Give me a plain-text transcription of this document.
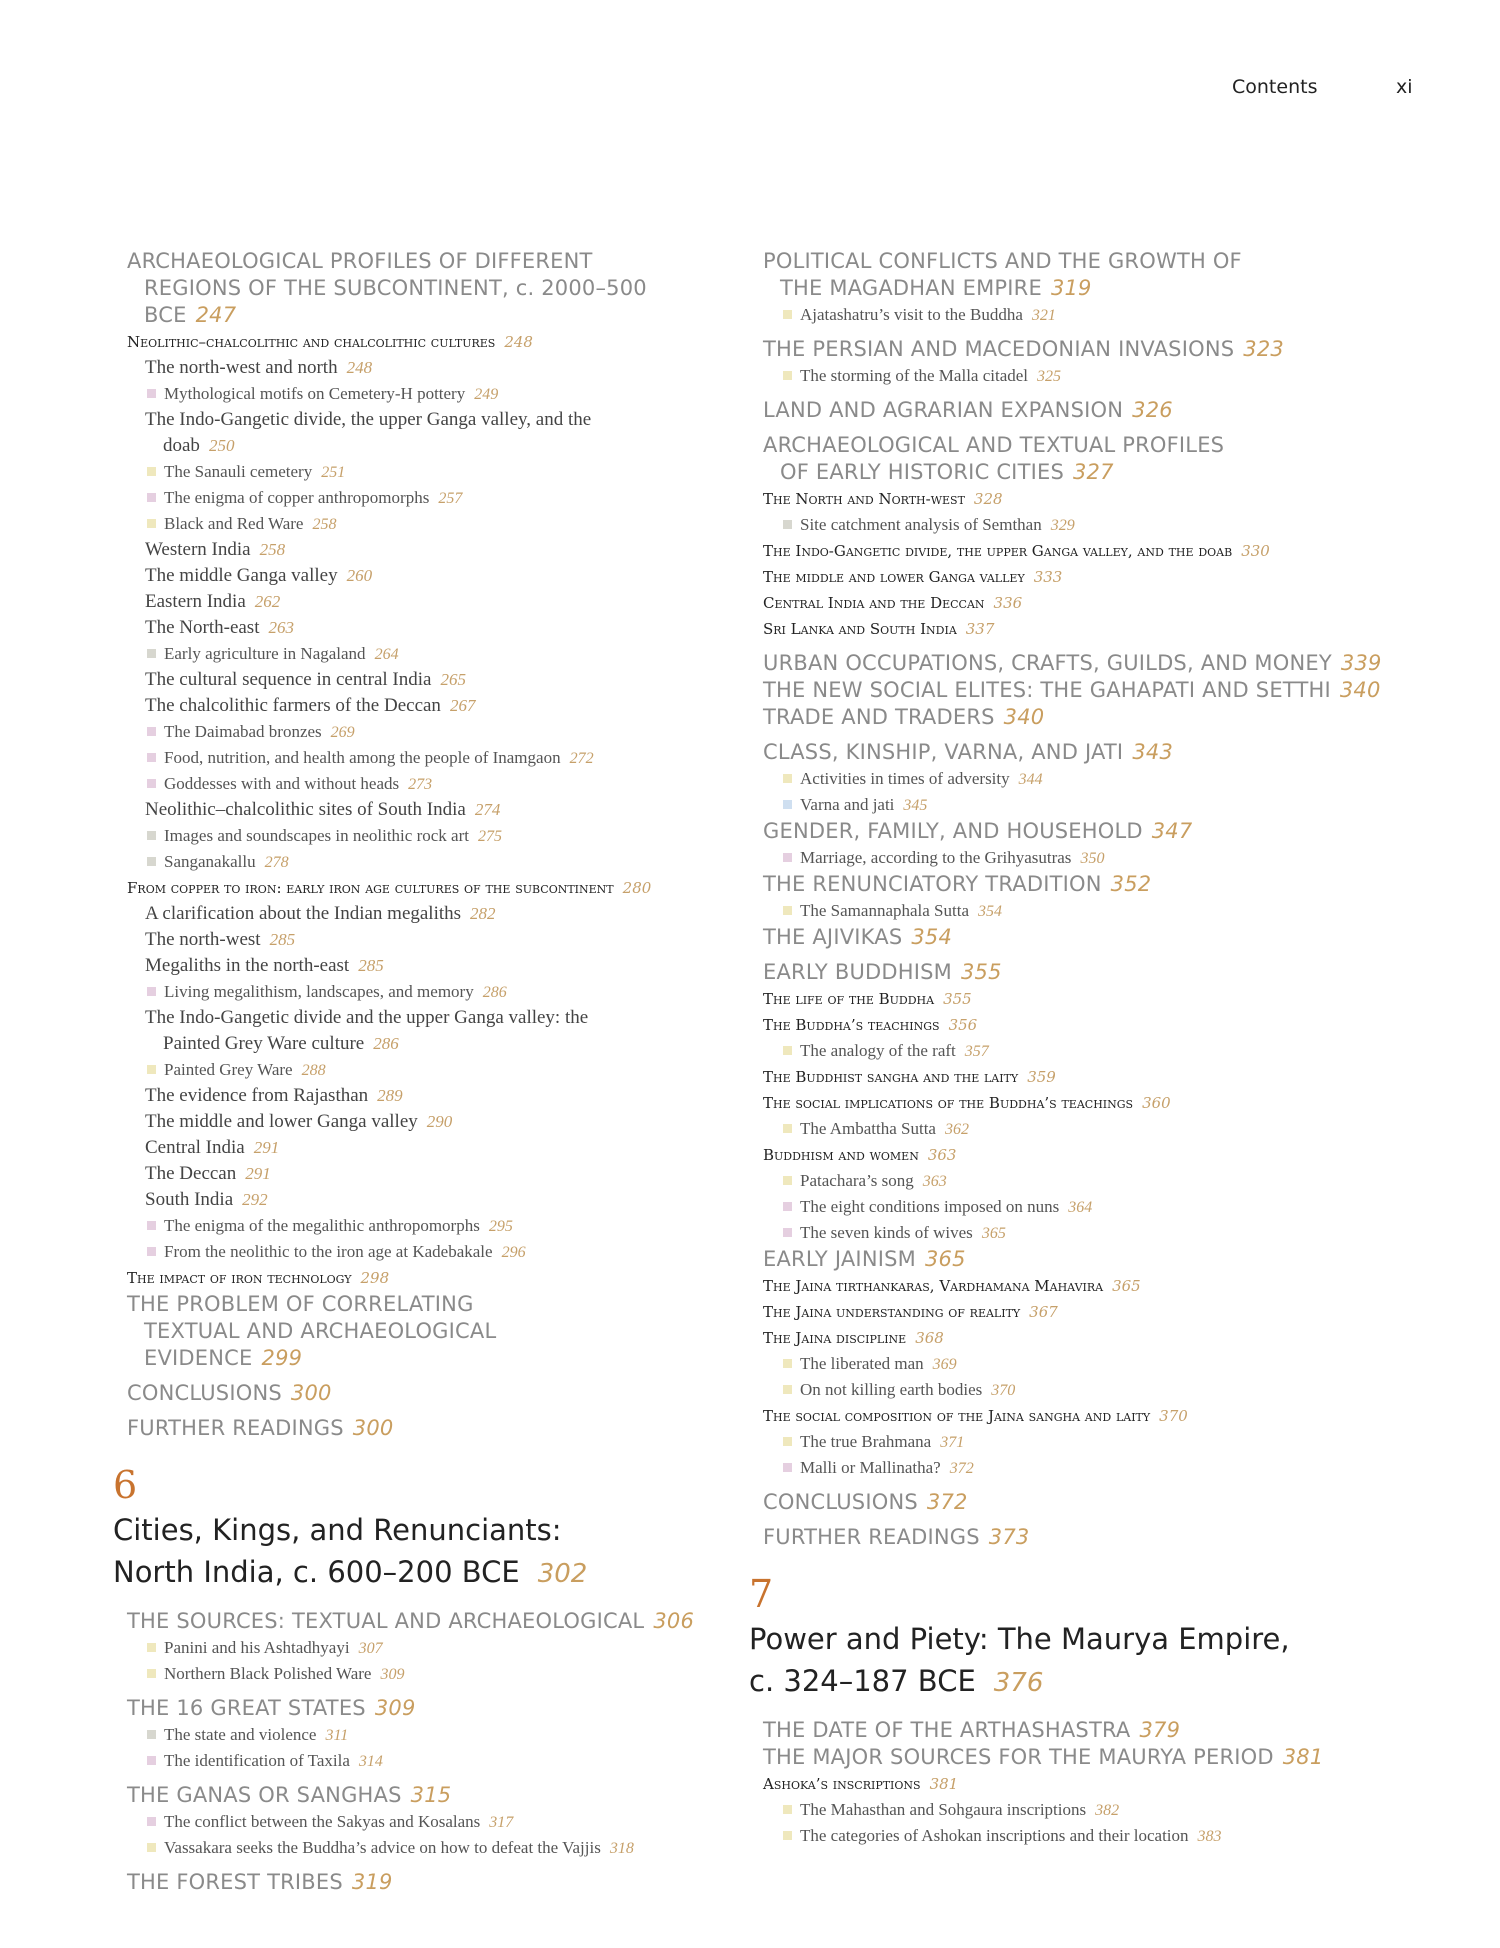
Contents	xi
ARCHAEOLOGICAL PROFILES OF DIFFERENT REGIONS OF THE SUBCONTINENT, c. 2000–500 BCE 247
Neolithic–chalcolithic and chalcolithic cultures 248
The north-west and north 248
Mythological motifs on Cemetery-H pottery 249
The Indo-Gangetic divide, the upper Ganga valley, and the doab 250
The Sanauli cemetery 251
The enigma of copper anthropomorphs 257
Black and Red Ware 258
Western India 258
The middle Ganga valley 260
Eastern India 262
The North-east 263
Early agriculture in Nagaland 264
The cultural sequence in central India 265
The chalcolithic farmers of the Deccan 267
The Daimabad bronzes 269
Food, nutrition, and health among the people of Inamgaon 272
Goddesses with and without heads 273
Neolithic–chalcolithic sites of South India 274
Images and soundscapes in neolithic rock art 275
Sanganakallu 278
From copper to iron: early iron age cultures of the subcontinent 280
A clarification about the Indian megaliths 282
The north-west 285
Megaliths in the north-east 285
Living megalithism, landscapes, and memory 286
The Indo-Gangetic divide and the upper Ganga valley: the Painted Grey Ware culture 286
Painted Grey Ware 288
The evidence from Rajasthan 289
The middle and lower Ganga valley 290
Central India 291
The Deccan 291
South India 292
The enigma of the megalithic anthropomorphs 295
From the neolithic to the iron age at Kadebakale 296
The impact of iron technology 298
THE PROBLEM OF CORRELATING TEXTUAL AND ARCHAEOLOGICAL EVIDENCE 299
CONCLUSIONS 300
FURTHER READINGS 300
6
Cities, Kings, and Renunciants:
North India, c. 600–200 BCE 302
THE SOURCES: TEXTUAL AND ARCHAEOLOGICAL 306
Panini and his Ashtadhyayi 307
Northern Black Polished Ware 309
THE 16 GREAT STATES 309
The state and violence 311
The identification of Taxila 314
THE GANAS OR SANGHAS 315
The conflict between the Sakyas and Kosalans 317
Vassakara seeks the Buddha’s advice on how to defeat the Vajjis 318
THE FOREST TRIBES 319
POLITICAL CONFLICTS AND THE GROWTH OF THE MAGADHAN EMPIRE 319
Ajatashatru’s visit to the Buddha 321
THE PERSIAN AND MACEDONIAN INVASIONS 323
The storming of the Malla citadel 325
LAND AND AGRARIAN EXPANSION 326
ARCHAEOLOGICAL AND TEXTUAL PROFILES OF EARLY HISTORIC CITIES 327
The North and North-west 328
Site catchment analysis of Semthan 329
The Indo-Gangetic divide, the upper Ganga valley, and the doab 330
The middle and lower Ganga valley 333
Central India and the Deccan 336
Sri Lanka and South India 337
URBAN OCCUPATIONS, CRAFTS, GUILDS, AND MONEY 339
THE NEW SOCIAL ELITES: THE GAHAPATI AND SETTHI 340
TRADE AND TRADERS 340
CLASS, KINSHIP, VARNA, AND JATI 343
Activities in times of adversity 344
Varna and jati 345
GENDER, FAMILY, AND HOUSEHOLD 347
Marriage, according to the Grihyasutras 350
THE RENUNCIATORY TRADITION 352
The Samannaphala Sutta 354
THE AJIVIKAS 354
EARLY BUDDHISM 355
The life of the Buddha 355
The Buddha’s teachings 356
The analogy of the raft 357
The Buddhist sangha and the laity 359
The social implications of the Buddha’s teachings 360
The Ambattha Sutta 362
Buddhism and women 363
Patachara’s song 363
The eight conditions imposed on nuns 364
The seven kinds of wives 365
EARLY JAINISM 365
The Jaina tirthankaras, Vardhamana Mahavira 365
The Jaina understanding of reality 367
The Jaina discipline 368
The liberated man 369
On not killing earth bodies 370
The social composition of the Jaina sangha and laity 370
The true Brahmana 371
Malli or Mallinatha? 372
CONCLUSIONS 372
FURTHER READINGS 373
7
Power and Piety: The Maurya Empire,
c. 324–187 BCE 376
THE DATE OF THE ARTHASHASTRA 379
THE MAJOR SOURCES FOR THE MAURYA PERIOD 381
Ashoka’s inscriptions 381
The Mahasthan and Sohgaura inscriptions 382
The categories of Ashokan inscriptions and their location 383
